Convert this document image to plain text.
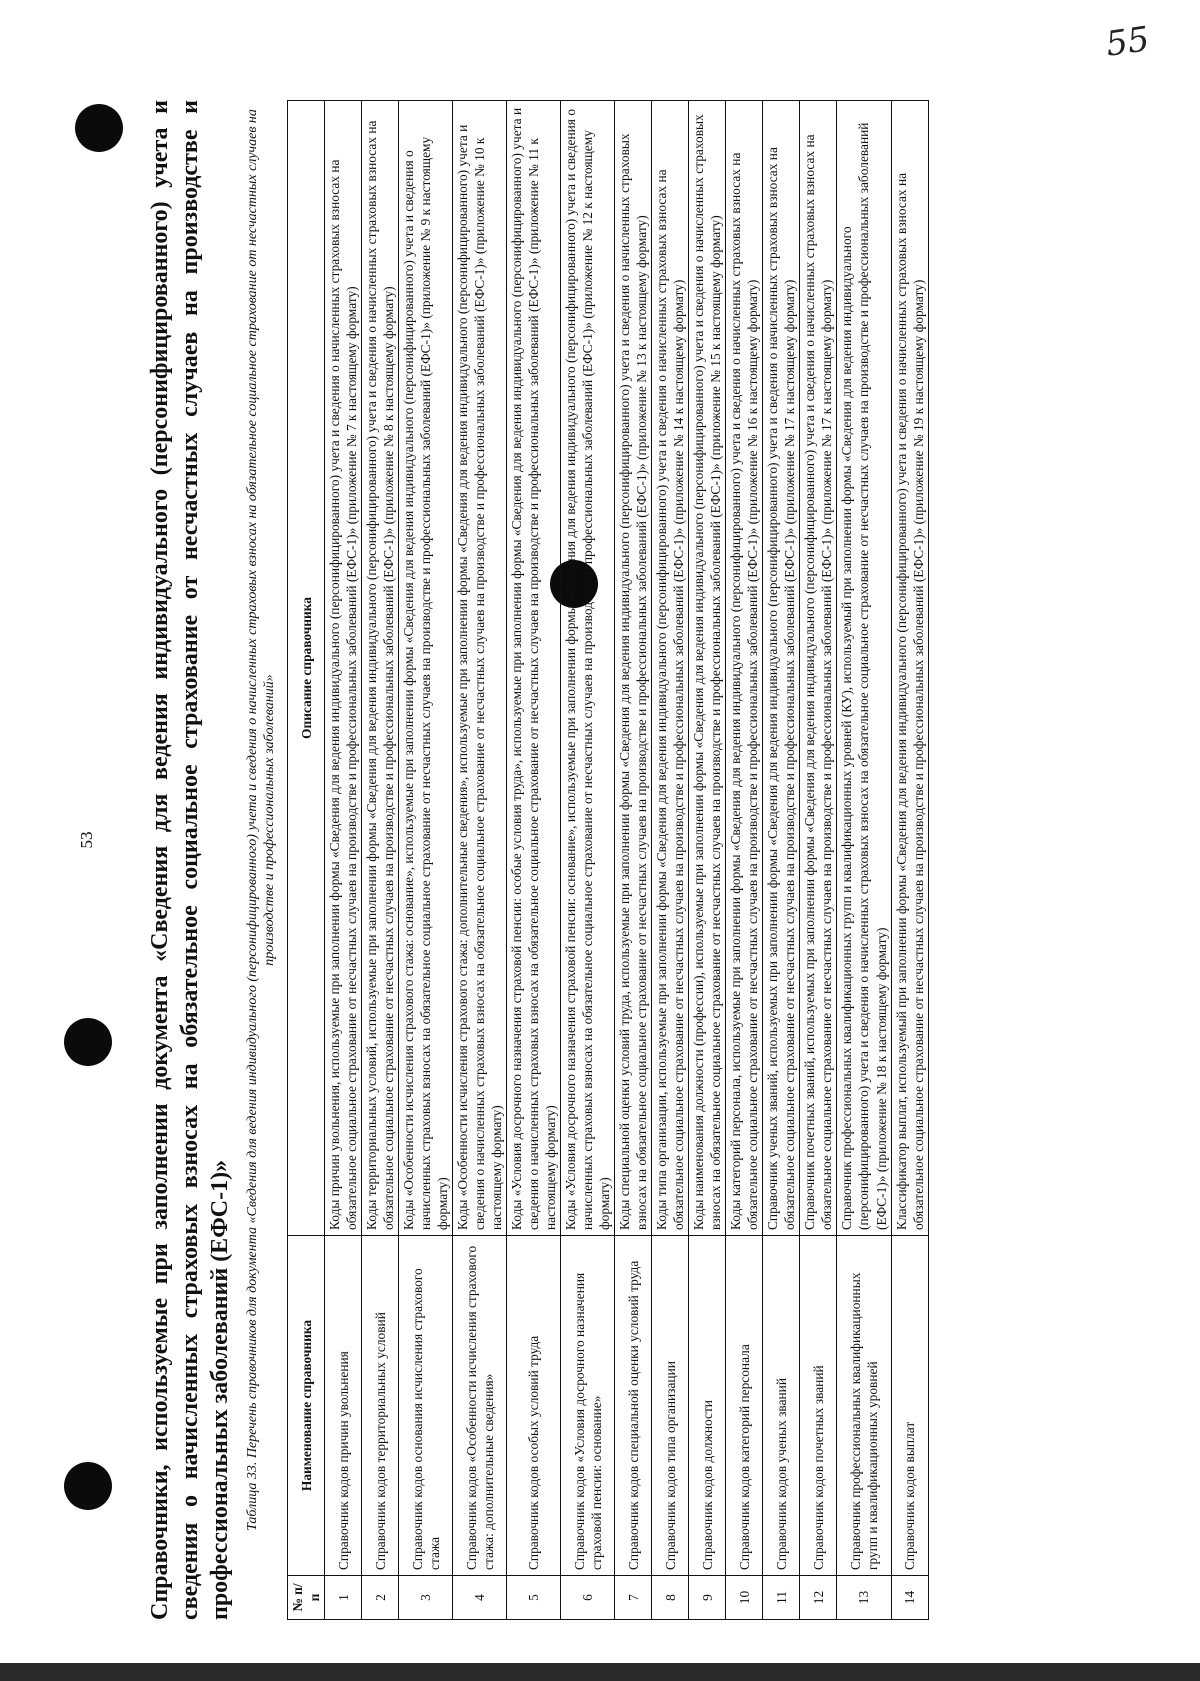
55
Справочники, используемые при заполнении документа «Сведения для ведения индивидуального (персонифицированного) учета и сведения о начисленных страховых взносах на обязательное социальное страхование от несчастных случаев на производстве и профессиональных заболеваний (ЕФС-1)»
53	Таблица 33. Перечень справочников для документа «Сведения для ведения индивидуального (персонифицированного) учета и сведения о начисленных страховых взносах на обязательное социальное страхование от несчастных случаев на производстве и профессиональных заболеваний»
№ п/п	Наименование справочника	Описание справочника
1	Справочник кодов причин увольнения	Коды причин увольнения, используемые при заполнении формы «Сведения для ведения индивидуального (персонифицированного) учета и сведения о начисленных страховых взносах на обязательное социальное страхование от несчастных случаев на производстве и профессиональных заболеваний (ЕФС-1)» (приложение № 7 к настоящему формату)
2	Справочник кодов территориальных условий	Коды территориальных условий, используемые при заполнении формы «Сведения для ведения индивидуального (персонифицированного) учета и сведения о начисленных страховых взносах на обязательное социальное страхование от несчастных случаев на производстве и профессиональных заболеваний (ЕФС-1)» (приложение № 8 к настоящему формату)
3	Справочник кодов основания исчисления страхового стажа	Коды «Особенности исчисления страхового стажа: основание», используемые при заполнении формы «Сведения для ведения индивидуального (персонифицированного) учета и сведения о начисленных страховых взносах на обязательное социальное страхование от несчастных случаев на производстве и профессиональных заболеваний (ЕФС-1)» (приложение № 9 к настоящему формату)
4	Справочник кодов «Особенности исчисления страхового стажа: дополнительные сведения»	Коды «Особенности исчисления страхового стажа: дополнительные сведения», используемые при заполнении формы «Сведения для ведения индивидуального (персонифицированного) учета и сведения о начисленных страховых взносах на обязательное социальное страхование от несчастных случаев на производстве и профессиональных заболеваний (ЕФС-1)» (приложение № 10 к настоящему формату)
5	Справочник кодов особых условий труда	Коды «Условия досрочного назначения страховой пенсии: особые условия труда», используемые при заполнении формы «Сведения для ведения индивидуального (персонифицированного) учета и сведения о начисленных страховых взносах на обязательное социальное страхование от несчастных случаев на производстве и профессиональных заболеваний (ЕФС-1)» (приложение № 11 к настоящему формату)
6	Справочник кодов «Условия досрочного назначения страховой пенсии: основание»	Коды «Условия досрочного назначения страховой пенсии: основание», используемые при заполнении формы «Сведения для ведения индивидуального (персонифицированного) учета и сведения о начисленных страховых взносах на обязательное социальное страхование от несчастных случаев на производстве и профессиональных заболеваний (ЕФС-1)» (приложение № 12 к настоящему формату)
7	Справочник кодов специальной оценки условий труда	Коды специальной оценки условий труда, используемые при заполнении формы «Сведения для ведения индивидуального (персонифицированного) учета и сведения о начисленных страховых взносах на обязательное социальное страхование от несчастных случаев на производстве и профессиональных заболеваний (ЕФС-1)» (приложение № 13 к настоящему формату)
8	Справочник кодов типа организации	Коды типа организации, используемые при заполнении формы «Сведения для ведения индивидуального (персонифицированного) учета и сведения о начисленных страховых взносах на обязательное социальное страхование от несчастных случаев на производстве и профессиональных заболеваний (ЕФС-1)» (приложение № 14 к настоящему формату)
9	Справочник кодов должности	Коды наименования должности (профессии), используемые при заполнении формы «Сведения для ведения индивидуального (персонифицированного) учета и сведения о начисленных страховых взносах на обязательное социальное страхование от несчастных случаев на производстве и профессиональных заболеваний (ЕФС-1)» (приложение № 15 к настоящему формату)
10	Справочник кодов категорий персонала	Коды категорий персонала, используемые при заполнении формы «Сведения для ведения индивидуального (персонифицированного) учета и сведения о начисленных страховых взносах на обязательное социальное страхование от несчастных случаев на производстве и профессиональных заболеваний (ЕФС-1)» (приложение № 16 к настоящему формату)
11	Справочник кодов ученых званий	Справочник ученых званий, используемых при заполнении формы «Сведения для ведения индивидуального (персонифицированного) учета и сведения о начисленных страховых взносах на обязательное социальное страхование от несчастных случаев на производстве и профессиональных заболеваний (ЕФС-1)» (приложение № 17 к настоящему формату)
12	Справочник кодов почетных званий	Справочник почетных званий, используемых при заполнении формы «Сведения для ведения индивидуального (персонифицированного) учета и сведения о начисленных страховых взносах на обязательное социальное страхование от несчастных случаев на производстве и профессиональных заболеваний (ЕФС-1)» (приложение № 17 к настоящему формату)
13	Справочник профессиональных квалификационных групп и квалификационных уровней	Справочник профессиональных квалификационных групп и квалификационных уровней (КУ), используемый при заполнении формы «Сведения для ведения индивидуального (персонифицированного) учета и сведения о начисленных страховых взносах на обязательное социальное страхование от несчастных случаев на производстве и профессиональных заболеваний (ЕФС-1)» (приложение № 18 к настоящему формату)
14	Справочник кодов выплат	Классификатор выплат, используемый при заполнении формы «Сведения для ведения индивидуального (персонифицированного) учета и сведения о начисленных страховых взносах на обязательное социальное страхование от несчастных случаев на производстве и профессиональных заболеваний (ЕФС-1)» (приложение № 19 к настоящему формату)
